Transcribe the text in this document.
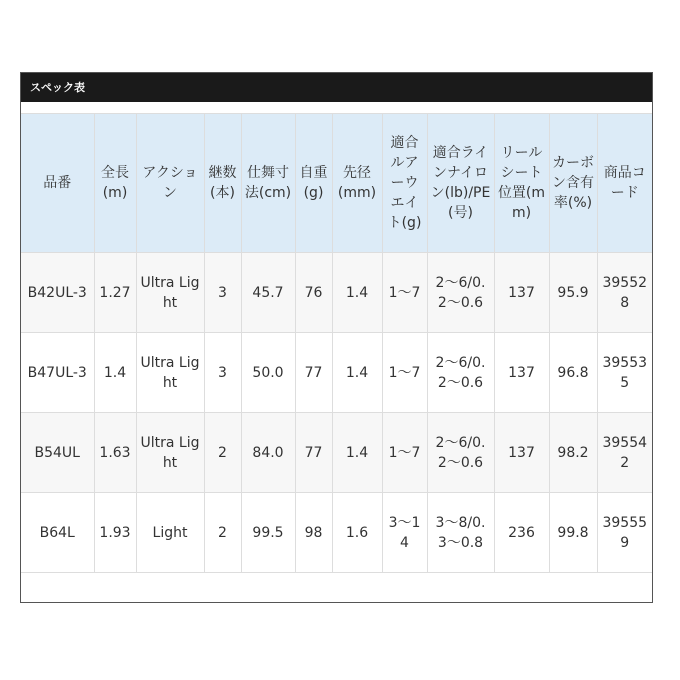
スペック表
品番	全長(m)	アクション	継数(本)	仕舞寸法(cm)	自重(g)	先径(mm)	適合ルアーウエイト(g)	適合ラインナイロン(lb)/PE(号)	リールシート位置(mm)	カーボン含有率(%)	商品コード
B42UL-3	1.27	Ultra Light	3	45.7	76	1.4	1〜7	2〜6/0.2〜0.6	137	95.9	395528
B47UL-3	1.4	Ultra Light	3	50.0	77	1.4	1〜7	2〜6/0.2〜0.6	137	96.8	395535
B54UL	1.63	Ultra Light	2	84.0	77	1.4	1〜7	2〜6/0.2〜0.6	137	98.2	395542
B64L	1.93	Light	2	99.5	98	1.6	3〜14	3〜8/0.3〜0.8	236	99.8	395559
